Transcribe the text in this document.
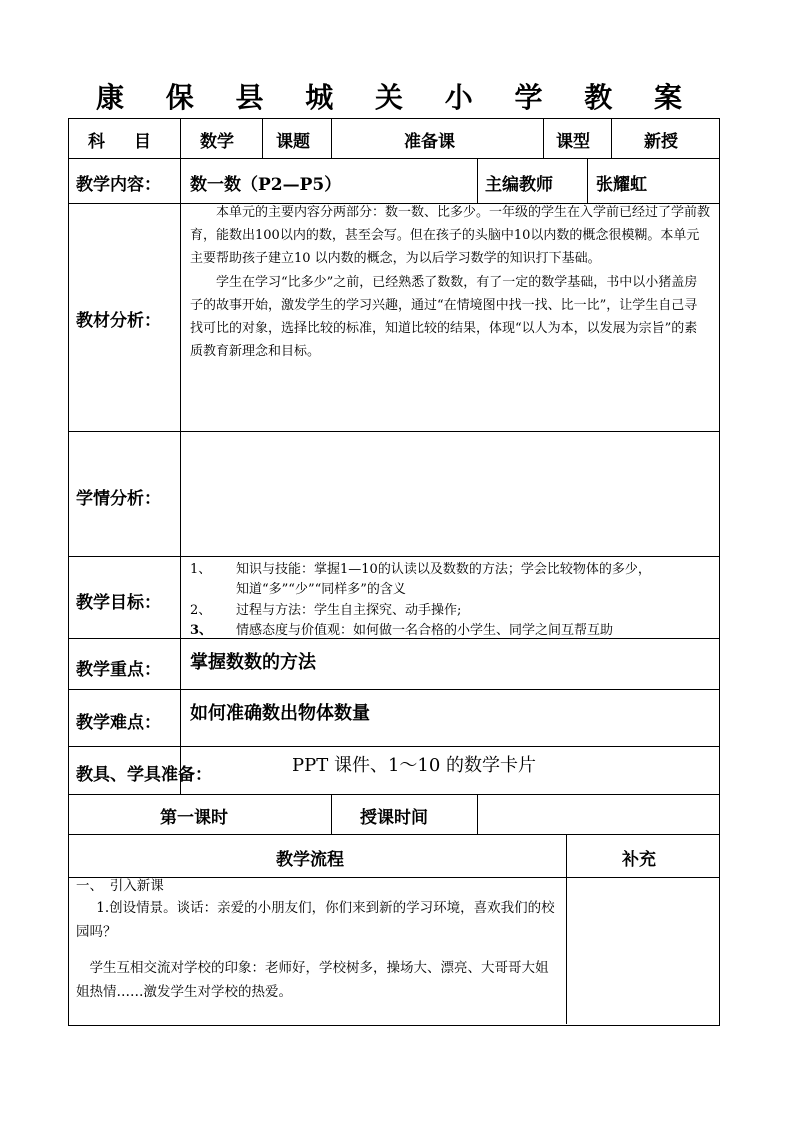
康 保 县 城 关 小 学 教 案
科　目	数学 课题	准备课	课型	新授
教学内容： 数一数（P2—P5）	主编教师	张耀虹
教材分析：

本单元的主要内容分两部分：数一数、比多少。一年级的学生在入学前已经过了学前教育，能数出100以内的数，甚至会写。但在孩子的头脑中10以内数的概念很模糊。本单元主要帮助孩子建立10 以内数的概念，为以后学习数学的知识打下基础。

学生在学习“比多少”之前，已经熟悉了数数，有了一定的数学基础，书中以小猪盖房子的故事开始，激发学生的学习兴趣，通过“在情境图中找一找、比一比”，让学生自己寻找可比的对象，选择比较的标准，知道比较的结果，体现“以人为本，以发展为宗旨”的素质教育新理念和目标。

学情分析：
教学目标：
1、 知识与技能：掌握1—10的认读以及数数的方法；学会比较物体的多少，
知道“多”“少”“同样多”的含义
2、 过程与方法：学生自主探究、动手操作;
3、 情感态度与价值观：如何做一名合格的小学生、同学之间互帮互助
教学重点： 掌握数数的方法
教学难点： 如何准确数出物体数量
教具、学具准备：	PPT 课件、1～10 的数学卡片
第一课时	授课时间
教学流程	补充

一、　引入新课

1.创设情景。谈话：亲爱的小朋友们，你们来到新的学习环境，喜欢我们的校园吗？

学生互相交流对学校的印象：老师好，学校树多，操场大、漂亮、大哥哥大姐姐热情……激发学生对学校的热爱。
